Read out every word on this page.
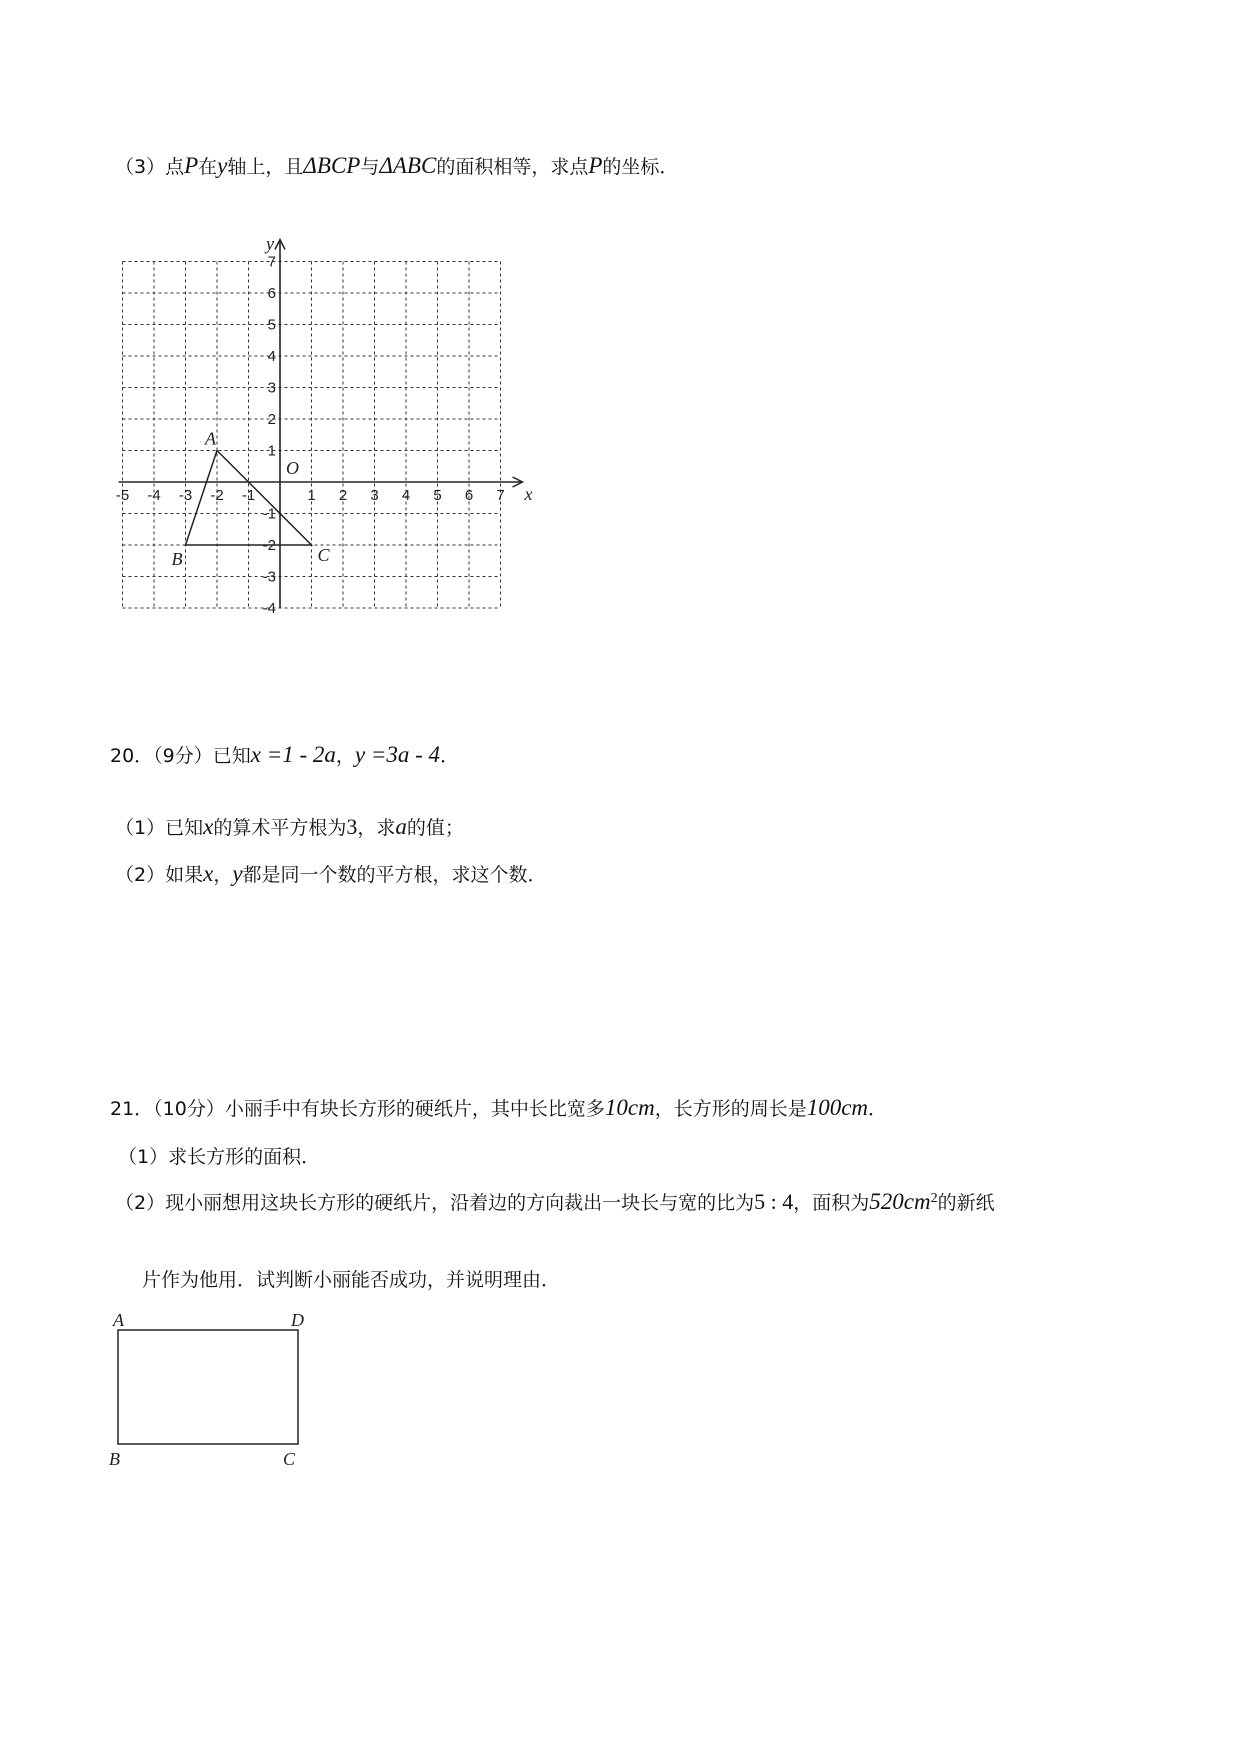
（3）点P在y轴上，且ΔBCP与ΔABC的面积相等，求点P的坐标．
-5 -4 -3 -2 -1	1 2 3 4 5 6 7
7
6
5
4
3
2
1
-1
-2
-3
-4
A
B	C
x
y
O
20．（9分）已知x =1 - 2a，y =3a - 4．
（1）已知x的算术平方根为3，求a的值；
（2）如果x，y都是同一个数的平方根，求这个数．
21．（10分）小丽手中有块长方形的硬纸片，其中长比宽多10cm，长方形的周长是100cm．
（1）求长方形的面积．
（2）现小丽想用这块长方形的硬纸片，沿着边的方向裁出一块长与宽的比为5 : 4，面积为$520cm^2$的新纸
片作为他用．试判断小丽能否成功，并说明理由．
A	D
B	C
